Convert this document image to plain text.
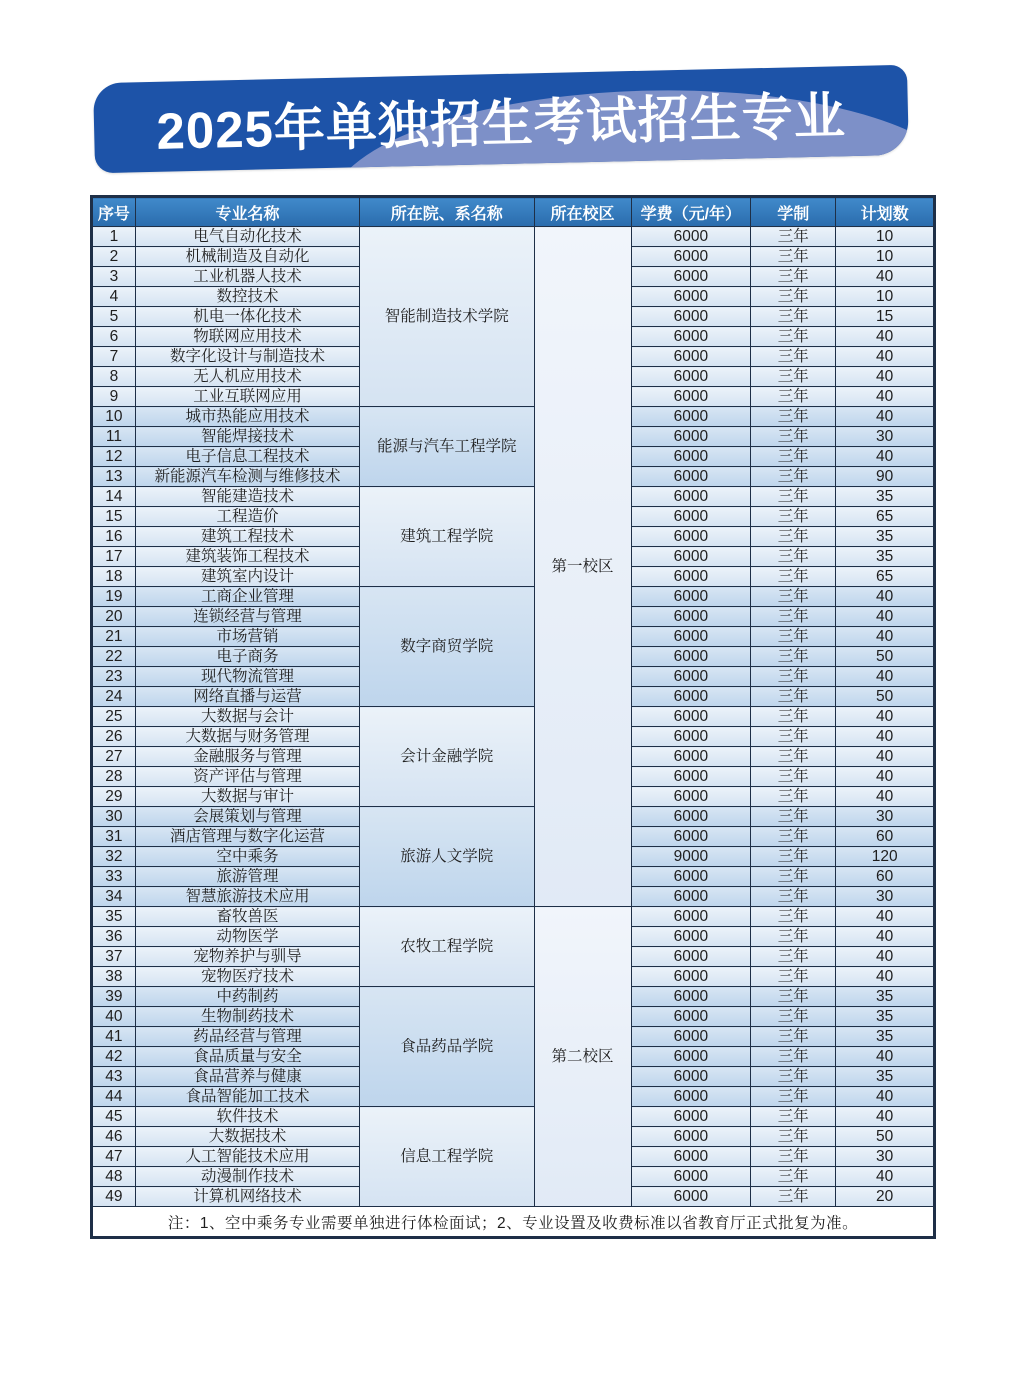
2025年单独招生考试招生专业
序号	专业名称	所在院、系名称	所在校区	学费（元/年）	学制	计划数
1	电气自动化技术	智能制造技术学院	第一校区	6000	三年	10
2	机械制造及自动化			6000	三年	10
3	工业机器人技术			6000	三年	40
4	数控技术			6000	三年	10
5	机电一体化技术			6000	三年	15
6	物联网应用技术			6000	三年	40
7	数字化设计与制造技术			6000	三年	40
8	无人机应用技术			6000	三年	40
9	工业互联网应用			6000	三年	40
10	城市热能应用技术	能源与汽车工程学院		6000	三年	40
11	智能焊接技术			6000	三年	30
12	电子信息工程技术			6000	三年	40
13	新能源汽车检测与维修技术			6000	三年	90
14	智能建造技术	建筑工程学院		6000	三年	35
15	工程造价			6000	三年	65
16	建筑工程技术			6000	三年	35
17	建筑装饰工程技术			6000	三年	35
18	建筑室内设计			6000	三年	65
19	工商企业管理	数字商贸学院		6000	三年	40
20	连锁经营与管理			6000	三年	40
21	市场营销			6000	三年	40
22	电子商务			6000	三年	50
23	现代物流管理			6000	三年	40
24	网络直播与运营			6000	三年	50
25	大数据与会计	会计金融学院		6000	三年	40
26	大数据与财务管理			6000	三年	40
27	金融服务与管理			6000	三年	40
28	资产评估与管理			6000	三年	40
29	大数据与审计			6000	三年	40
30	会展策划与管理	旅游人文学院		6000	三年	30
31	酒店管理与数字化运营			6000	三年	60
32	空中乘务			9000	三年	120
33	旅游管理			6000	三年	60
34	智慧旅游技术应用			6000	三年	30
35	畜牧兽医	农牧工程学院	第二校区	6000	三年	40
36	动物医学			6000	三年	40
37	宠物养护与驯导			6000	三年	40
38	宠物医疗技术			6000	三年	40
39	中药制药	食品药品学院		6000	三年	35
40	生物制药技术			6000	三年	35
41	药品经营与管理			6000	三年	35
42	食品质量与安全			6000	三年	40
43	食品营养与健康			6000	三年	35
44	食品智能加工技术			6000	三年	40
45	软件技术	信息工程学院		6000	三年	40
46	大数据技术			6000	三年	50
47	人工智能技术应用			6000	三年	30
48	动漫制作技术			6000	三年	40
49	计算机网络技术			6000	三年	20
注：1、空中乘务专业需要单独进行体检面试；2、专业设置及收费标准以省教育厅正式批复为准。						
